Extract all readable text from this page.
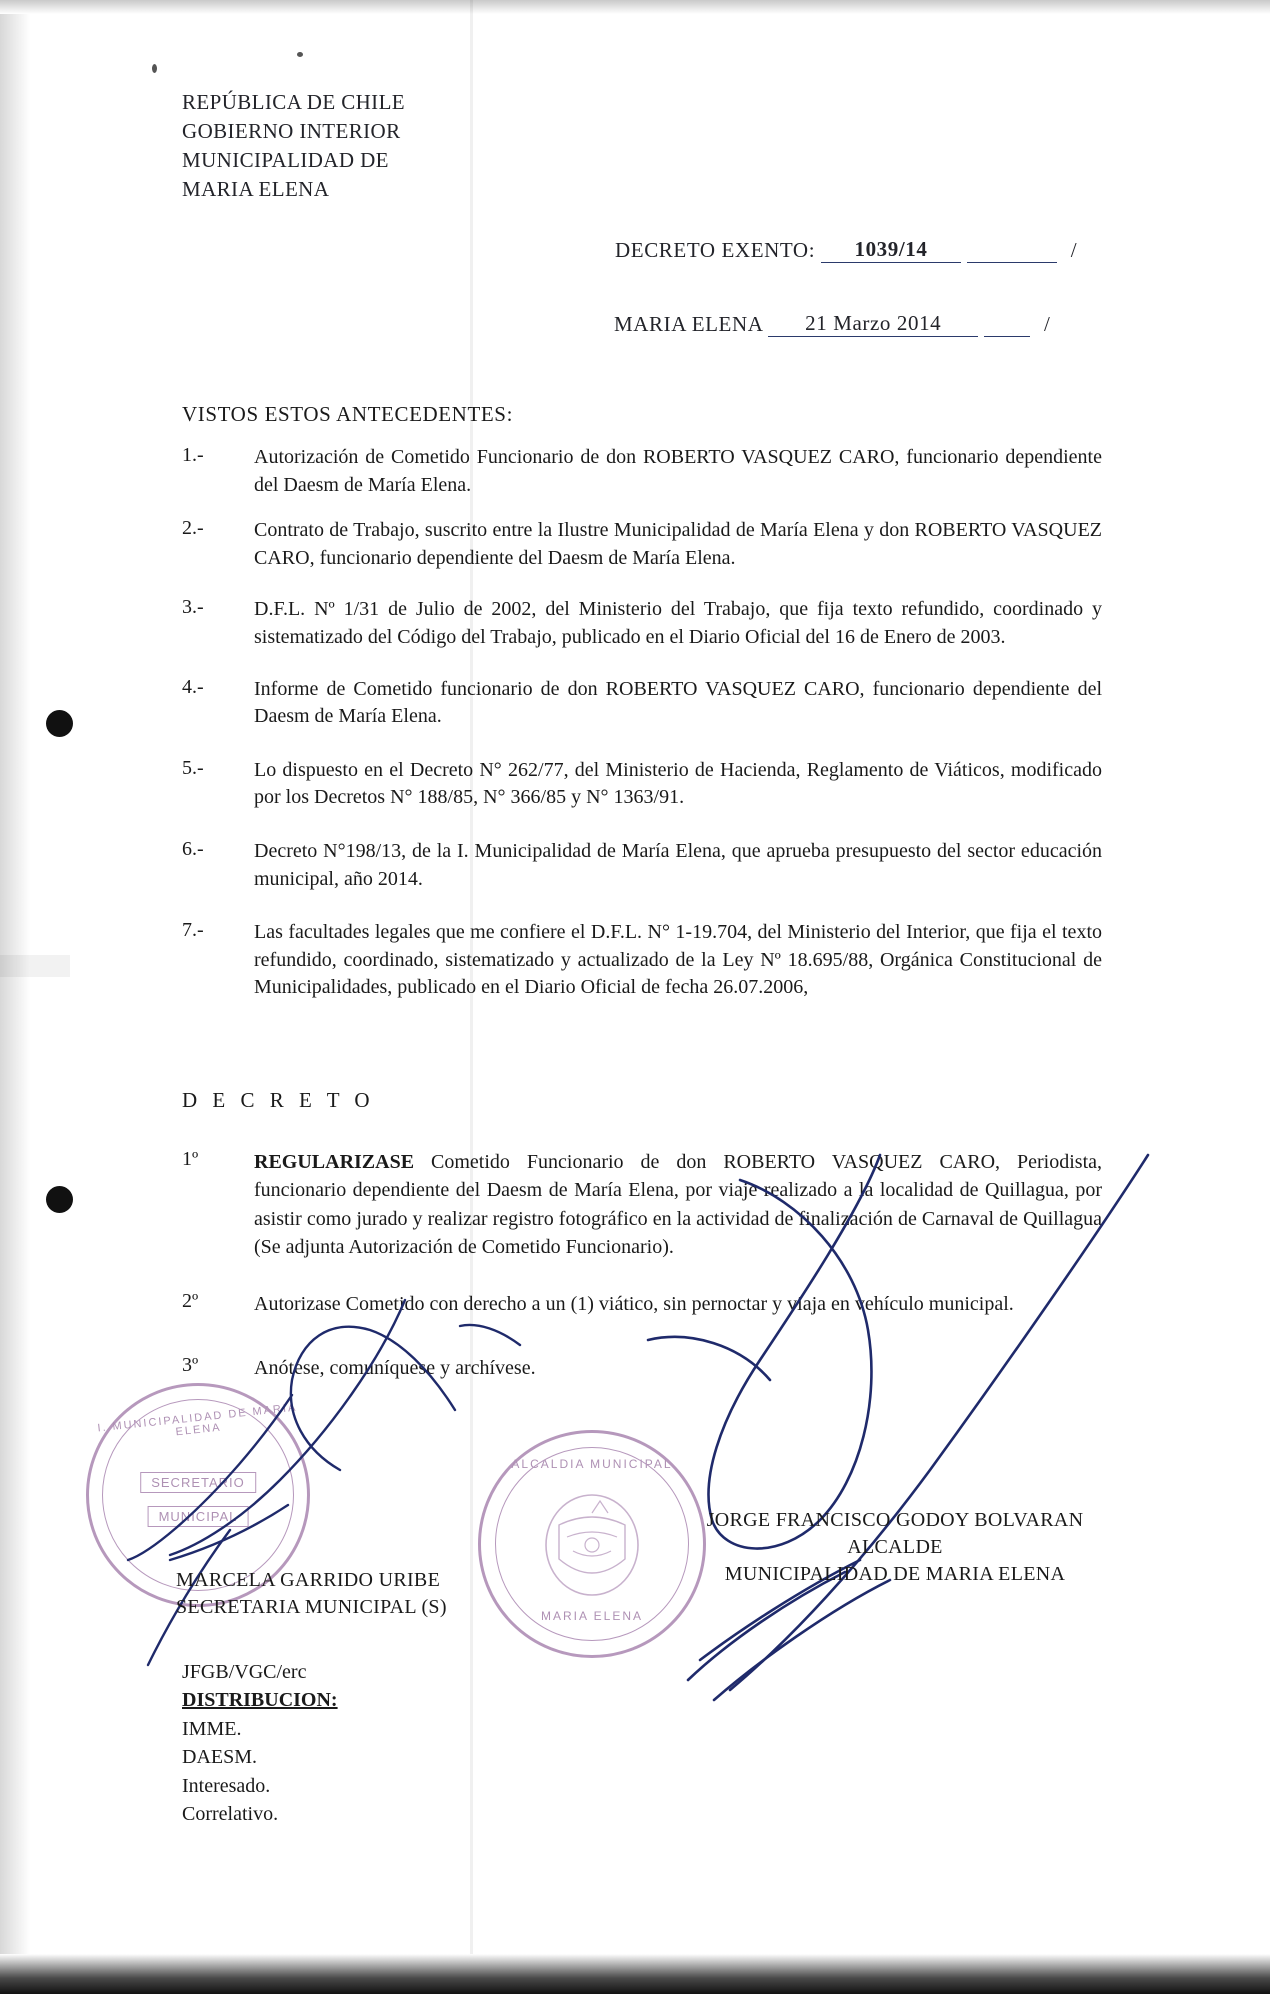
REPÚBLICA DE CHILE
GOBIERNO INTERIOR
MUNICIPALIDAD DE
MARIA ELENA
DECRETO EXENTO: 1039/14	/
MARIA ELENA 21 Marzo 2014	/
VISTOS ESTOS ANTECEDENTES:
1.-	Autorización de Cometido Funcionario de don ROBERTO VASQUEZ CARO, funcionario dependiente del Daesm de María Elena.
2.-	Contrato de Trabajo, suscrito entre la Ilustre Municipalidad de María Elena y don ROBERTO VASQUEZ CARO, funcionario dependiente del Daesm de María Elena.
3.-	D.F.L. Nº 1/31 de Julio de 2002, del Ministerio del Trabajo, que fija texto refundido, coordinado y sistematizado del Código del Trabajo, publicado en el Diario Oficial del 16 de Enero de 2003.
4.-	Informe de Cometido funcionario de don ROBERTO VASQUEZ CARO, funcionario dependiente del Daesm de María Elena.
5.-	Lo dispuesto en el Decreto N° 262/77, del Ministerio de Hacienda, Reglamento de Viáticos, modificado por los Decretos N° 188/85, N° 366/85 y N° 1363/91.
6.-	Decreto N°198/13, de la I. Municipalidad de María Elena, que aprueba presupuesto del sector educación municipal, año 2014.
7.-	Las facultades legales que me confiere el D.F.L. N° 1-19.704, del Ministerio del Interior, que fija el texto refundido, coordinado, sistematizado y actualizado de la Ley Nº 18.695/88, Orgánica Constitucional de Municipalidades, publicado en el Diario Oficial de fecha 26.07.2006,
D E C R E T O
1º	REGULARIZASE Cometido Funcionario de don ROBERTO VASQUEZ CARO, Periodista, funcionario dependiente del Daesm de María Elena, por viaje realizado a la localidad de Quillagua, por asistir como jurado y realizar registro fotográfico en la actividad de finalización de Carnaval de Quillagua (Se adjunta Autorización de Cometido Funcionario).
2º	Autorizase Cometido con derecho a un (1) viático, sin pernoctar y viaja en vehículo municipal.
3º	Anótese, comuníquese y archívese.
I. MUNICIPALIDAD DE MARIA ELENA
SECRETARIO
MUNICIPAL
ALCALDIA MUNICIPAL
MARIA ELENA
JORGE FRANCISCO GODOY BOLVARAN
ALCALDE
MUNICIPALIDAD DE MARIA ELENA
MARCELA GARRIDO URIBE
SECRETARIA MUNICIPAL (S)
JFGB/VGC/erc
DISTRIBUCION:
IMME.
DAESM.
Interesado.
Correlativo.
